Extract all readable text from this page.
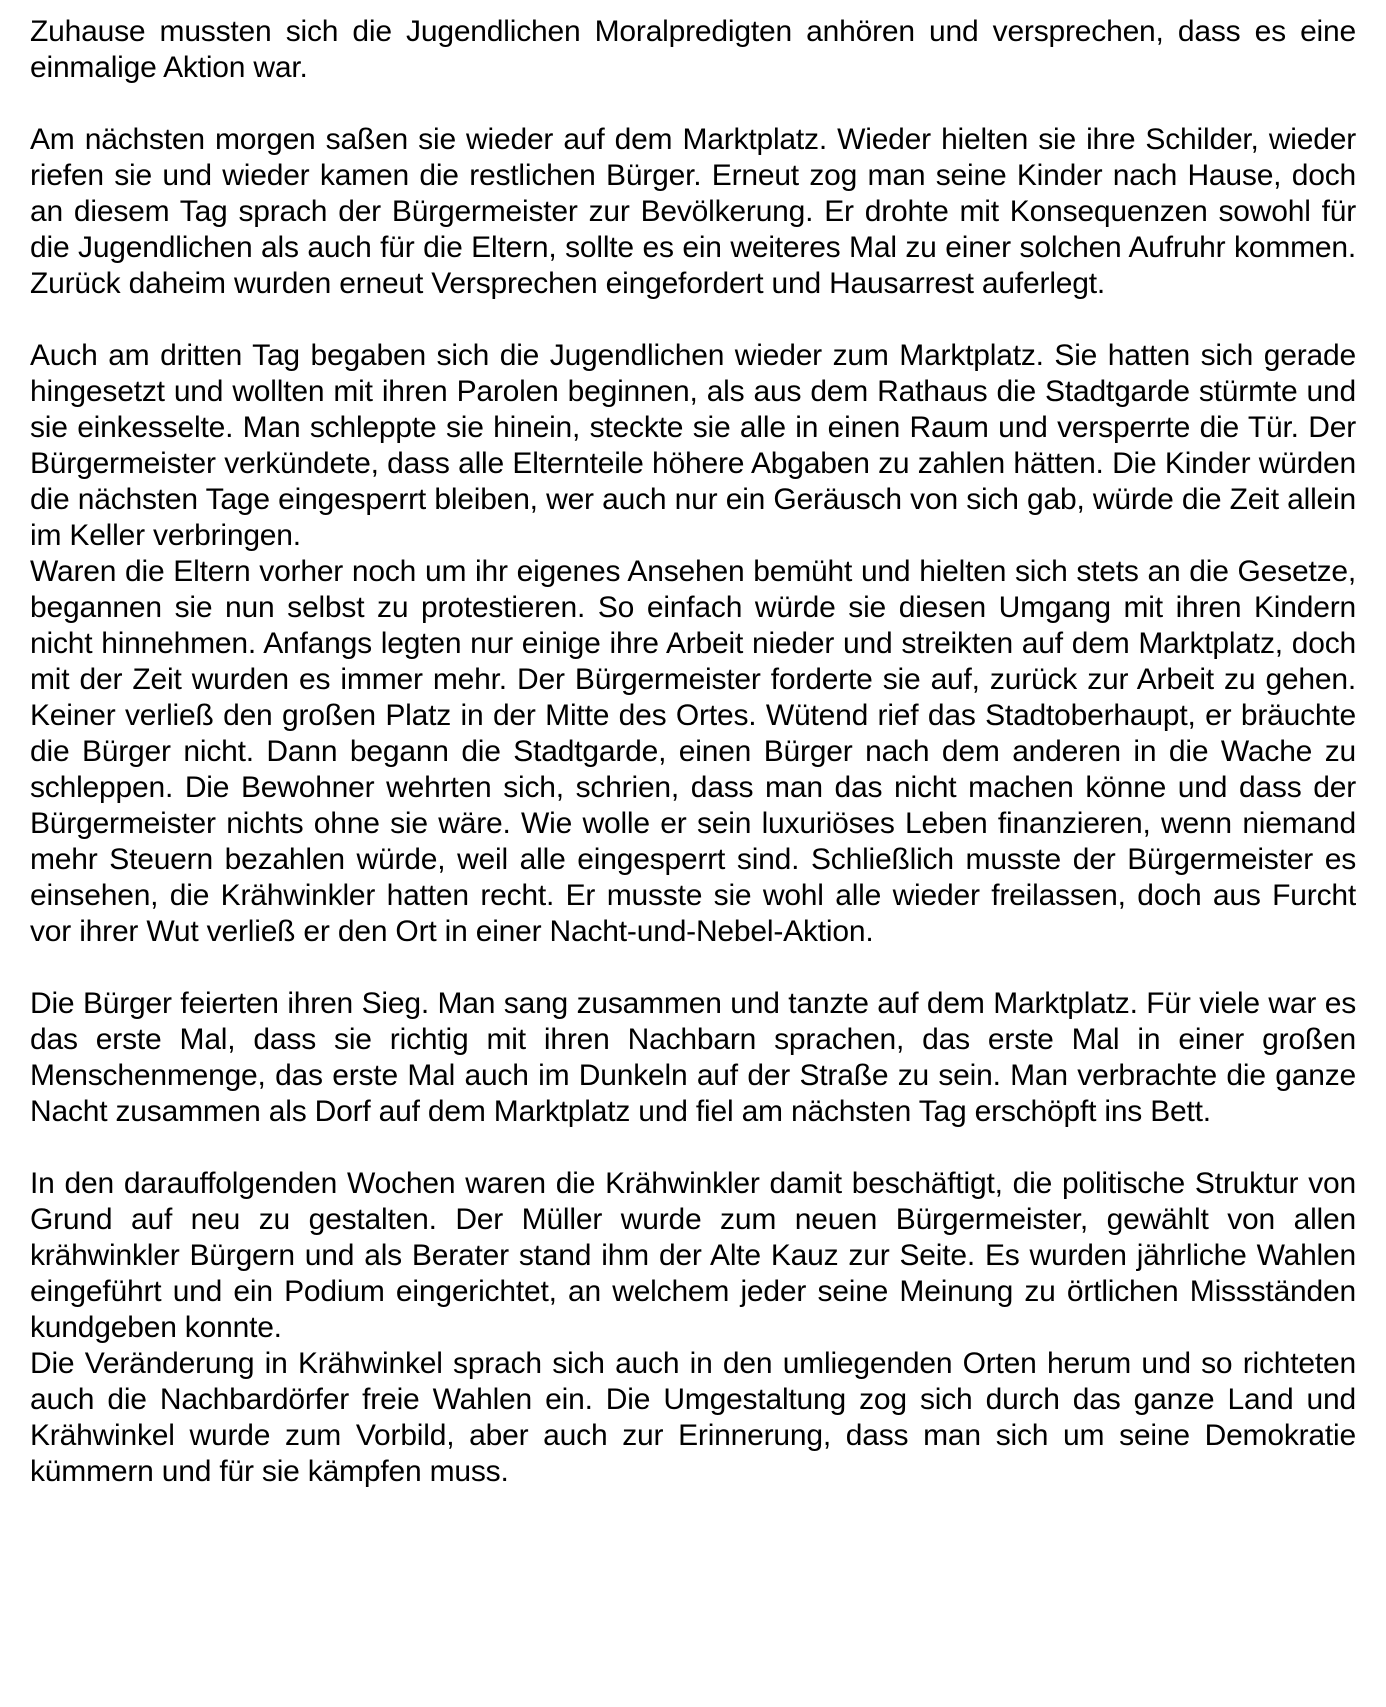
Zuhause mussten sich die Jugendlichen Moralpredigten anhören und versprechen, dass es eine einmalige Aktion war.

Am nächsten morgen saßen sie wieder auf dem Marktplatz. Wieder hielten sie ihre Schilder, wieder riefen sie und wieder kamen die restlichen Bürger. Erneut zog man seine Kinder nach Hause, doch an diesem Tag sprach der Bürgermeister zur Bevölkerung. Er drohte mit Konsequenzen sowohl für die Jugendlichen als auch für die Eltern, sollte es ein weiteres Mal zu einer solchen Aufruhr kommen. Zurück daheim wurden erneut Versprechen eingefordert und Hausarrest auferlegt.

Auch am dritten Tag begaben sich die Jugendlichen wieder zum Marktplatz. Sie hatten sich gerade hingesetzt und wollten mit ihren Parolen beginnen, als aus dem Rathaus die Stadtgarde stürmte und sie einkesselte. Man schleppte sie hinein, steckte sie alle in einen Raum und versperrte die Tür. Der Bürgermeister verkündete, dass alle Elternteile höhere Abgaben zu zahlen hätten. Die Kinder würden die nächsten Tage eingesperrt bleiben, wer auch nur ein Geräusch von sich gab, würde die Zeit allein im Keller verbringen.

Waren die Eltern vorher noch um ihr eigenes Ansehen bemüht und hielten sich stets an die Gesetze, begannen sie nun selbst zu protestieren. So einfach würde sie diesen Umgang mit ihren Kindern nicht hinnehmen. Anfangs legten nur einige ihre Arbeit nieder und streikten auf dem Marktplatz, doch mit der Zeit wurden es immer mehr. Der Bürgermeister forderte sie auf, zurück zur Arbeit zu gehen. Keiner verließ den großen Platz in der Mitte des Ortes. Wütend rief das Stadtoberhaupt, er bräuchte die Bürger nicht. Dann begann die Stadtgarde, einen Bürger nach dem anderen in die Wache zu schleppen. Die Bewohner wehrten sich, schrien, dass man das nicht machen könne und dass der Bürgermeister nichts ohne sie wäre. Wie wolle er sein luxuriöses Leben finanzieren, wenn niemand mehr Steuern bezahlen würde, weil alle eingesperrt sind. Schließlich musste der Bürgermeister es einsehen, die Krähwinkler hatten recht. Er musste sie wohl alle wieder freilassen, doch aus Furcht vor ihrer Wut verließ er den Ort in einer Nacht-und-Nebel-Aktion.

Die Bürger feierten ihren Sieg. Man sang zusammen und tanzte auf dem Marktplatz. Für viele war es das erste Mal, dass sie richtig mit ihren Nachbarn sprachen, das erste Mal in einer großen Menschenmenge, das erste Mal auch im Dunkeln auf der Straße zu sein. Man verbrachte die ganze Nacht zusammen als Dorf auf dem Marktplatz und fiel am nächsten Tag erschöpft ins Bett.

In den darauffolgenden Wochen waren die Krähwinkler damit beschäftigt, die politische Struktur von Grund auf neu zu gestalten. Der Müller wurde zum neuen Bürgermeister, gewählt von allen krähwinkler Bürgern und als Berater stand ihm der Alte Kauz zur Seite. Es wurden jährliche Wahlen eingeführt und ein Podium eingerichtet, an welchem jeder seine Meinung zu örtlichen Missständen kundgeben konnte.

Die Veränderung in Krähwinkel sprach sich auch in den umliegenden Orten herum und so richteten auch die Nachbardörfer freie Wahlen ein. Die Umgestaltung zog sich durch das ganze Land und Krähwinkel wurde zum Vorbild, aber auch zur Erinnerung, dass man sich um seine Demokratie kümmern und für sie kämpfen muss.
